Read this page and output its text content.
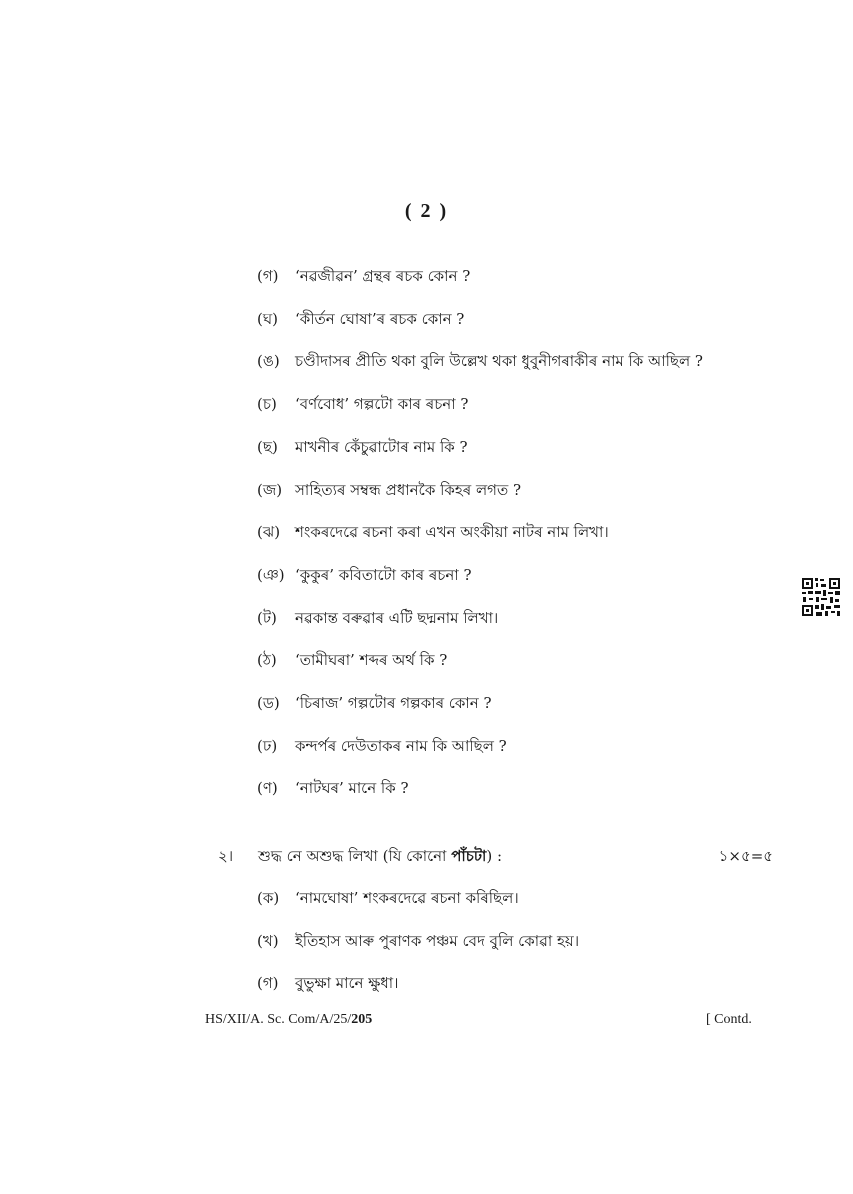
( 2 )
(গ) ‘নৱজীৱন’ গ্ৰন্থৰ ৰচক কোন ?
(ঘ) ‘কীৰ্তন ঘোষা’ৰ ৰচক কোন ?
(ঙ) চণ্ডীদাসৰ প্ৰীতি থকা বুলি উল্লেখ থকা ধুবুনীগৰাকীৰ নাম কি আছিল ?
(চ) ‘বৰ্ণবোধ’ গল্পটো কাৰ ৰচনা ?
(ছ) মাখনীৰ কেঁচুৱাটোৰ নাম কি ?
(জ) সাহিত্যৰ সম্বন্ধ প্ৰধানকৈ কিহৰ লগত ?
(ঝ) শংকৰদেৱে ৰচনা কৰা এখন অংকীয়া নাটৰ নাম লিখা।
(ঞ) ‘কুকুৰ’ কবিতাটো কাৰ ৰচনা ?
(ট) নৱকান্ত বৰুৱাৰ এটি ছদ্মনাম লিখা।
(ঠ) ‘তামীঘৰা’ শব্দৰ অৰ্থ কি ?
(ড) ‘চিৰাজ’ গল্পটোৰ গল্পকাৰ কোন ?
(ঢ) কন্দৰ্পৰ দেউতাকৰ নাম কি আছিল ?
(ণ) ‘নাটঘৰ’ মানে কি ?
২। শুদ্ধ নে অশুদ্ধ লিখা (যি কোনো পাঁচটা) :	১×৫=৫
(ক) ‘নামঘোষা’ শংকৰদেৱে ৰচনা কৰিছিল।
(খ) ইতিহাস আৰু পুৰাণক পঞ্চম বেদ বুলি কোৱা হয়।
(গ) বুভুক্ষা মানে ক্ষুধা।
HS/XII/A. Sc. Com/A/25/205	[ Contd.
